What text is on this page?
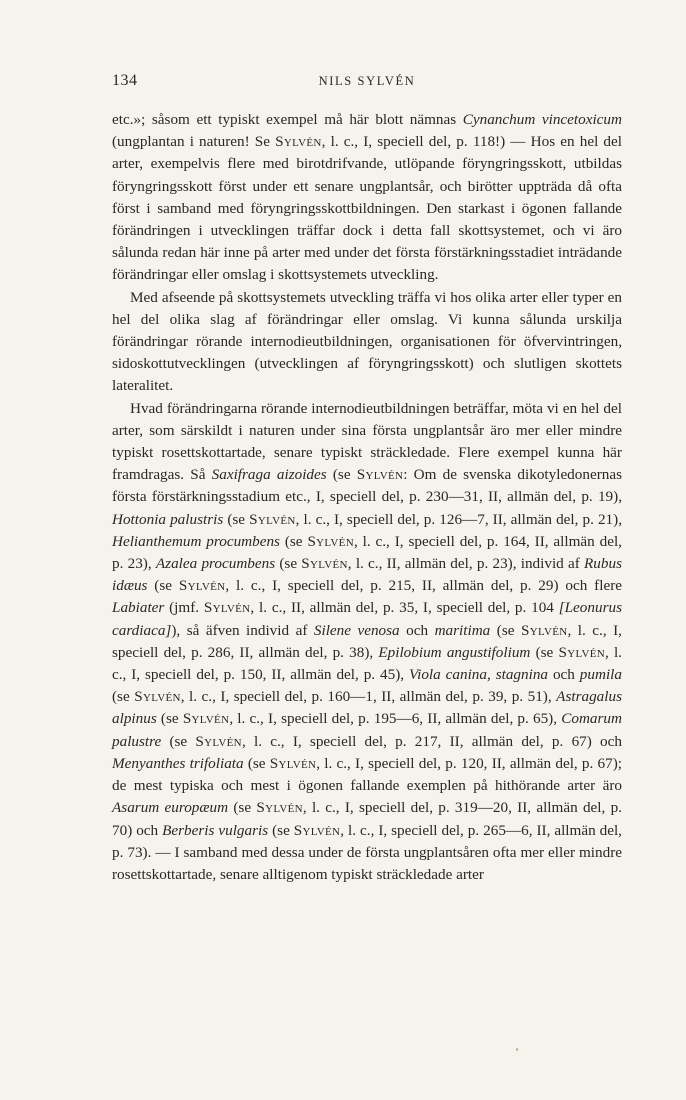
134	NILS SYLVÉN

etc.»; såsom ett typiskt exempel må här blott nämnas Cynanchum vincetoxicum (ungplantan i naturen! Se Sylvén, l. c., I, speciell del, p. 118!) — Hos en hel del arter, exempelvis flere med birotdrifvande, utlöpande föryngringsskott, utbildas föryngringsskott först under ett senare ungplantsår, och birötter uppträda då ofta först i samband med föryngringsskottbildningen. Den starkast i ögonen fallande förändringen i utvecklingen träffar dock i detta fall skottsystemet, och vi äro sålunda redan här inne på arter med under det första förstärkningsstadiet inträdande förändringar eller omslag i skottsystemets utveckling.

Med afseende på skottsystemets utveckling träffa vi hos olika arter eller typer en hel del olika slag af förändringar eller omslag. Vi kunna sålunda urskilja förändringar rörande internodieutbildningen, organisationen för öfvervintringen, sidoskottutvecklingen (utvecklingen af föryngringsskott) och slutligen skottets lateralitet.

Hvad förändringarna rörande internodieutbildningen beträffar, möta vi en hel del arter, som särskildt i naturen under sina första ungplantsår äro mer eller mindre typiskt rosettskottartade, senare typiskt sträckledade. Flere exempel kunna här framdragas. Så Saxifraga aizoides (se Sylvén: Om de svenska dikotyledonernas första förstärkningsstadium etc., I, speciell del, p. 230—31, II, allmän del, p. 19), Hottonia palustris (se Sylvén, l. c., I, speciell del, p. 126—7, II, allmän del, p. 21), Helianthemum procumbens (se Sylvén, l. c., I, speciell del, p. 164, II, allmän del, p. 23), Azalea procumbens (se Sylvén, l. c., II, allmän del, p. 23), individ af Rubus idæus (se Sylvén, l. c., I, speciell del, p. 215, II, allmän del, p. 29) och flere Labiater (jmf. Sylvén, l. c., II, allmän del, p. 35, I, speciell del, p. 104 [Leonurus cardiaca]), så äfven individ af Silene venosa och maritima (se Sylvén, l. c., I, speciell del, p. 286, II, allmän del, p. 38), Epilobium angustifolium (se Sylvén, l. c., I, speciell del, p. 150, II, allmän del, p. 45), Viola canina, stagnina och pumila (se Sylvén, l. c., I, speciell del, p. 160—1, II, allmän del, p. 39, p. 51), Astragalus alpinus (se Sylvén, l. c., I, speciell del, p. 195—6, II, allmän del, p. 65), Comarum palustre (se Sylvén, l. c., I, speciell del, p. 217, II, allmän del, p. 67) och Menyanthes trifoliata (se Sylvén, l. c., I, speciell del, p. 120, II, allmän del, p. 67); de mest typiska och mest i ögonen fallande exemplen på hithörande arter äro Asarum europæum (se Sylvén, l. c., I, speciell del, p. 319—20, II, allmän del, p. 70) och Berberis vulgaris (se Sylvén, l. c., I, speciell del, p. 265—6, II, allmän del, p. 73). — I samband med dessa under de första ungplantsåren ofta mer eller mindre rosettskottartade, senare alltigenom typiskt sträckledade arter
